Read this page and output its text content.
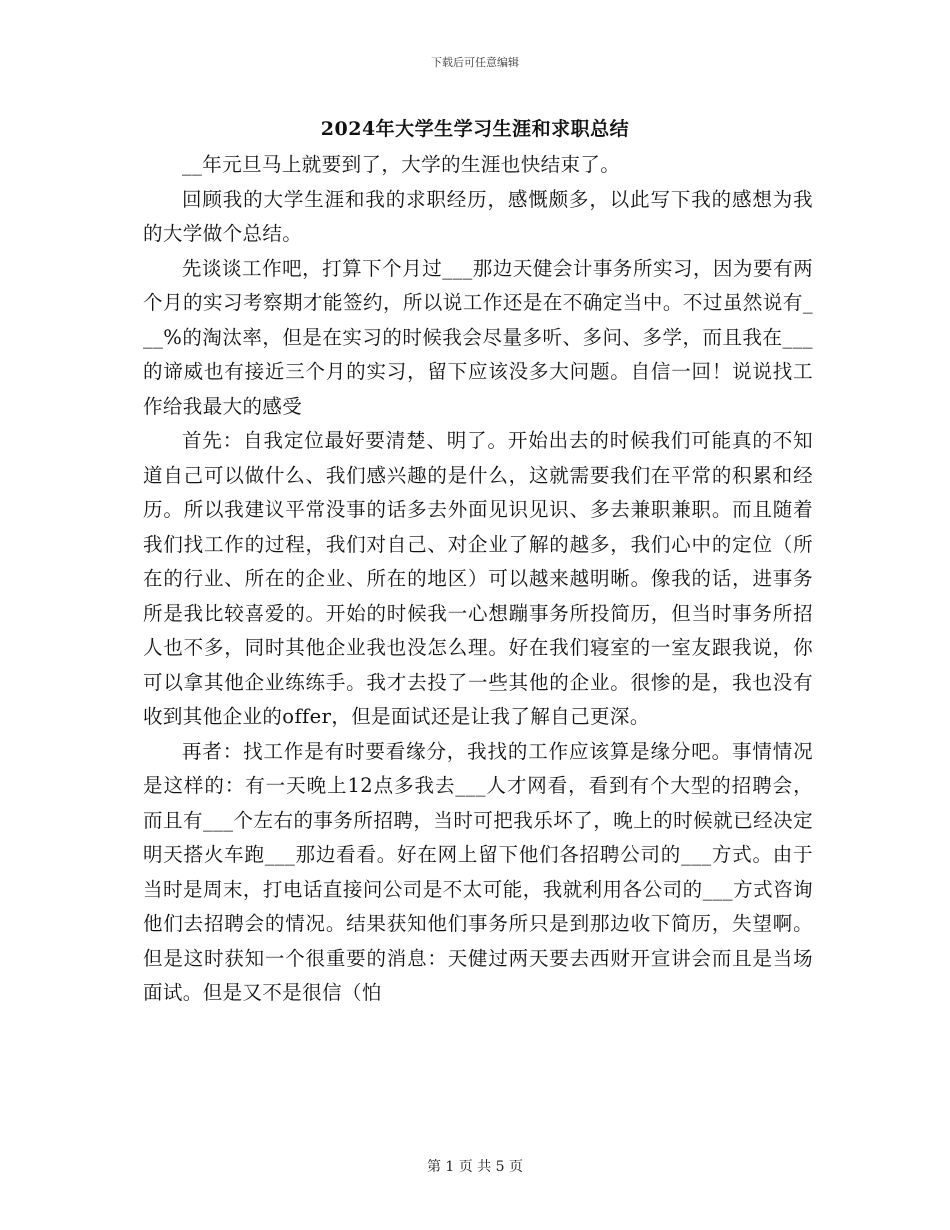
下载后可任意编辑
2024年大学生学习生涯和求职总结

__年元旦马上就要到了，大学的生涯也快结束了。

回顾我的大学生涯和我的求职经历，感慨颇多，以此写下我的感想为我的大学做个总结。

先谈谈工作吧，打算下个月过___那边天健会计事务所实习，因为要有两个月的实习考察期才能签约，所以说工作还是在不确定当中。不过虽然说有___%的淘汰率，但是在实习的时候我会尽量多听、多问、多学，而且我在___的谛威也有接近三个月的实习，留下应该没多大问题。自信一回！说说找工作给我最大的感受

首先：自我定位最好要清楚、明了。开始出去的时候我们可能真的不知道自己可以做什么、我们感兴趣的是什么，这就需要我们在平常的积累和经历。所以我建议平常没事的话多去外面见识见识、多去兼职兼职。而且随着我们找工作的过程，我们对自己、对企业了解的越多，我们心中的定位（所在的行业、所在的企业、所在的地区）可以越来越明晰。像我的话，进事务所是我比较喜爱的。开始的时候我一心想蹦事务所投简历，但当时事务所招人也不多，同时其他企业我也没怎么理。好在我们寝室的一室友跟我说，你可以拿其他企业练练手。我才去投了一些其他的企业。很惨的是，我也没有收到其他企业的offer，但是面试还是让我了解自己更深。

再者：找工作是有时要看缘分，我找的工作应该算是缘分吧。事情情况是这样的：有一天晚上12点多我去___人才网看，看到有个大型的招聘会，而且有___个左右的事务所招聘，当时可把我乐坏了，晚上的时候就已经决定明天搭火车跑___那边看看。好在网上留下他们各招聘公司的___方式。由于当时是周末，打电话直接问公司是不太可能，我就利用各公司的___方式咨询他们去招聘会的情况。结果获知他们事务所只是到那边收下简历，失望啊。但是这时获知一个很重要的消息：天健过两天要去西财开宣讲会而且是当场面试。但是又不是很信（怕

第 1 页 共 5 页
